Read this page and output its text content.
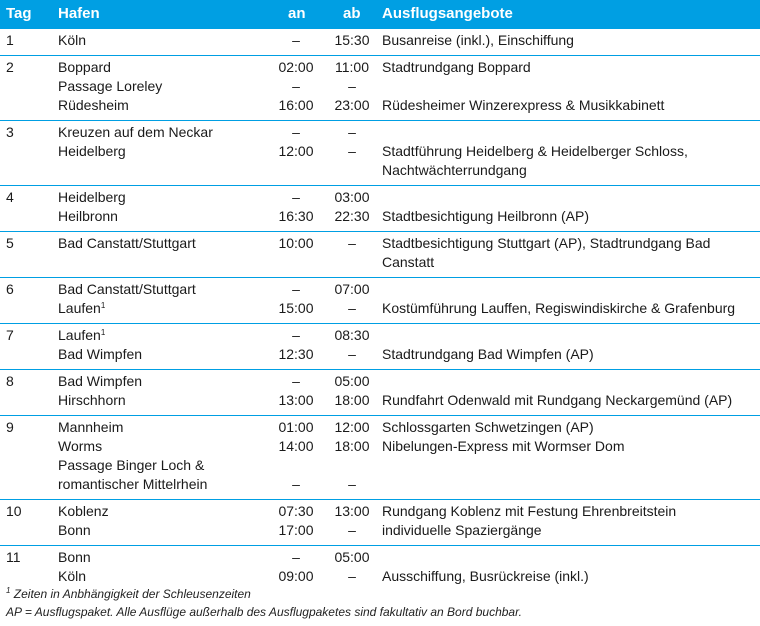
Tag Hafen	an ab Ausflugsangebote
1	Köln	–	15:30 Busanreise (inkl.), Einschiffung
2	Boppard	02:00 11:00 Stadtrundgang Boppard
Passage Loreley	–	–
Rüdesheim	16:00 23:00 Rüdesheimer Winzerexpress & Musikkabinett
3	Kreuzen auf dem Neckar	–	–
Heidelberg	12:00	–	Stadtführung Heidelberg & Heidelberger Schloss,
Nachtwächterrundgang
4	Heidelberg	–	03:00
Heilbronn	16:30 22:30 Stadtbesichtigung Heilbronn (AP)
5	Bad Canstatt/Stuttgart	10:00	–	Stadtbesichtigung Stuttgart (AP), Stadtrundgang Bad
Canstatt
6	Bad Canstatt/Stuttgart	–	07:00
Laufen$^1$	15:00	–	Kostümführung Lauffen, Regiswindiskirche & Grafenburg
7	Laufen$^1$	–	08:30
Bad Wimpfen	12:30	–	Stadtrundgang Bad Wimpfen (AP)
8	Bad Wimpfen	–	05:00
Hirschhorn	13:00 18:00 Rundfahrt Odenwald mit Rundgang Neckargemünd (AP)
9	Mannheim	01:00 12:00 Schlossgarten Schwetzingen (AP)
Worms	14:00 18:00 Nibelungen-Express mit Wormser Dom
Passage Binger Loch &
romantischer Mittelrhein	–	–
10	Koblenz	07:30 13:00 Rundgang Koblenz mit Festung Ehrenbreitstein
Bonn	17:00	–	individuelle Spaziergänge
11	Bonn	–	05:00
Köln	09:00	–	Ausschiffung, Busrückreise (inkl.)
$^1$ Zeiten in Anbhängigkeit der Schleusenzeiten
AP = Ausflugspaket. Alle Ausflüge außerhalb des Ausflugpaketes sind fakultativ an Bord buchbar.
